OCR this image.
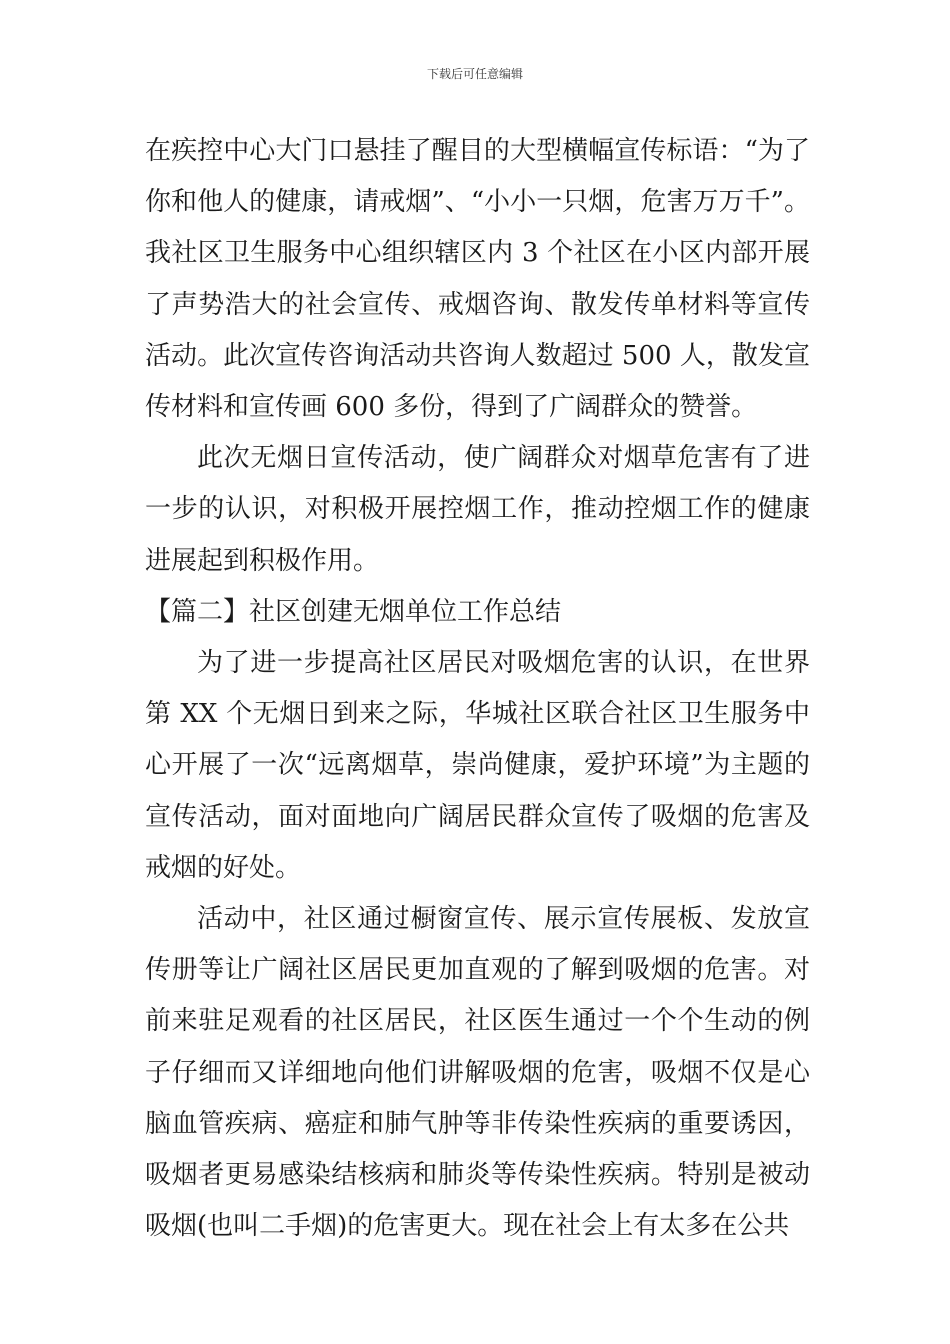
下载后可任意编辑

在疾控中心大门口悬挂了醒目的大型横幅宣传标语：“为了你和他人的健康，请戒烟”、“小小一只烟，危害万万千”。我社区卫生服务中心组织辖区内 3 个社区在小区内部开展了声势浩大的社会宣传、戒烟咨询、散发传单材料等宣传活动。此次宣传咨询活动共咨询人数超过 500 人，散发宣传材料和宣传画 600 多份，得到了广阔群众的赞誉。

此次无烟日宣传活动，使广阔群众对烟草危害有了进一步的认识，对积极开展控烟工作，推动控烟工作的健康进展起到积极作用。

【篇二】社区创建无烟单位工作总结

为了进一步提高社区居民对吸烟危害的认识，在世界第 XX 个无烟日到来之际，华城社区联合社区卫生服务中心开展了一次“远离烟草，崇尚健康，爱护环境”为主题的宣传活动，面对面地向广阔居民群众宣传了吸烟的危害及戒烟的好处。

活动中，社区通过橱窗宣传、展示宣传展板、发放宣传册等让广阔社区居民更加直观的了解到吸烟的危害。对前来驻足观看的社区居民，社区医生通过一个个生动的例子仔细而又详细地向他们讲解吸烟的危害，吸烟不仅是心脑血管疾病、癌症和肺气肿等非传染性疾病的重要诱因，吸烟者更易感染结核病和肺炎等传染性疾病。特别是被动吸烟(也叫二手烟)的危害更大。现在社会上有太多在公共
